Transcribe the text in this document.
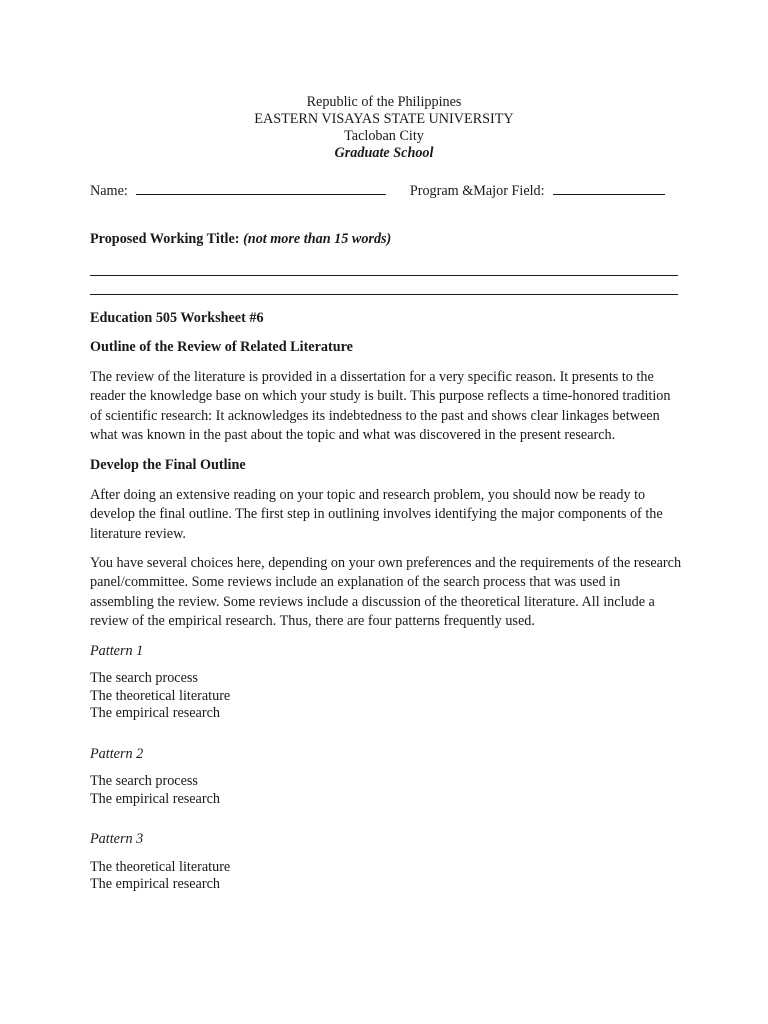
Republic of the Philippines
EASTERN VISAYAS STATE UNIVERSITY
Tacloban City
Graduate School
Name:	Program &Major Field:
Proposed Working Title: (not more than 15 words)

Education 505 Worksheet #6

Outline of the Review of Related Literature

The review of the literature is provided in a dissertation for a very specific reason. It presents to the reader the knowledge base on which your study is built. This purpose reflects a time-honored tradition of scientific research: It acknowledges its indebtedness to the past and shows clear linkages between what was known in the past about the topic and what was discovered in the present research.

Develop the Final Outline

After doing an extensive reading on your topic and research problem, you should now be ready to develop the final outline. The first step in outlining involves identifying the major components of the literature review.

You have several choices here, depending on your own preferences and the requirements of the research panel/committee. Some reviews include an explanation of the search process that was used in assembling the review. Some reviews include a discussion of the theoretical literature. All include a review of the empirical research. Thus, there are four patterns frequently used.

Pattern 1

The search process
The theoretical literature
The empirical research

Pattern 2

The search process
The empirical research

Pattern 3

The theoretical literature
The empirical research
